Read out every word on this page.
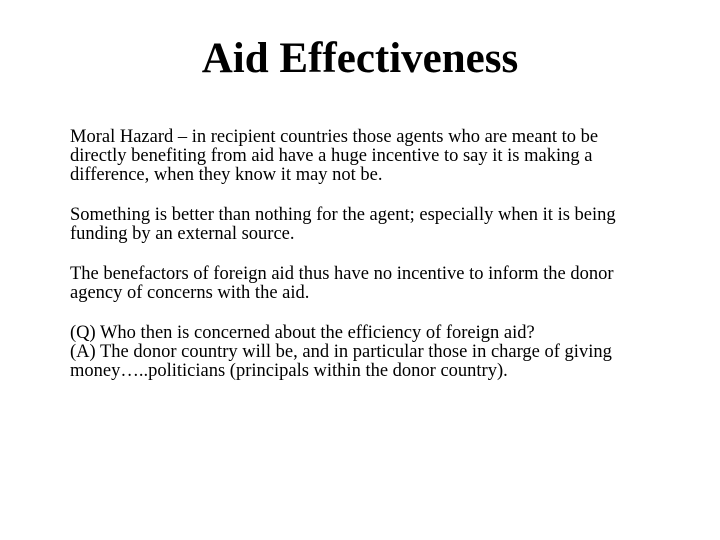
Aid Effectiveness

Moral Hazard – in recipient countries those agents who are meant to be
directly benefiting from aid have a huge incentive to say it is making a
difference, when they know it may not be.

Something is better than nothing for the agent; especially when it is being
funding by an external source.

The benefactors of foreign aid thus have no incentive to inform the donor
agency of concerns with the aid.

(Q) Who then is concerned about the efficiency of foreign aid?

(A) The donor country will be, and in particular those in charge of giving
money…..politicians (principals within the donor country).
